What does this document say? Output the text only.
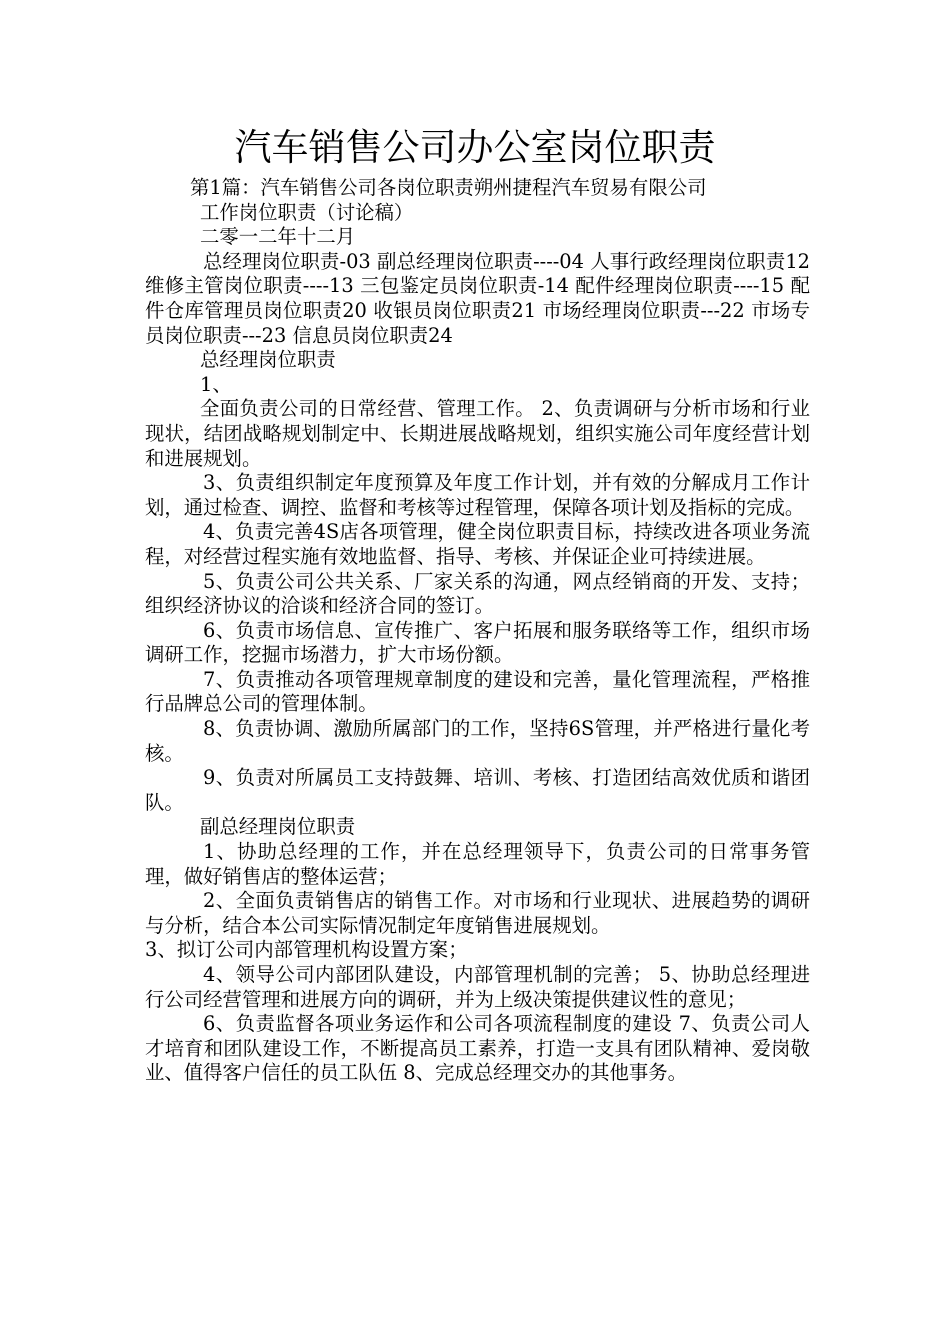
汽车销售公司办公室岗位职责

第1篇：汽车销售公司各岗位职责朔州捷程汽车贸易有限公司

工作岗位职责（讨论稿）

二零一二年十二月

总经理岗位职责-03 副总经理岗位职责----04 人事行政经理岗位职责12 维修主管岗位职责----13 三包鉴定员岗位职责-14 配件经理岗位职责----15 配件仓库管理员岗位职责20 收银员岗位职责21 市场经理岗位职责---22 市场专员岗位职责---23 信息员岗位职责24

总经理岗位职责

1、

全面负责公司的日常经营、管理工作。 2、负责调研与分析市场和行业现状，结团战略规划制定中、长期进展战略规划，组织实施公司年度经营计划和进展规划。

3、负责组织制定年度预算及年度工作计划，并有效的分解成月工作计划，通过检查、调控、监督和考核等过程管理，保障各项计划及指标的完成。

4、负责完善4S店各项管理，健全岗位职责目标，持续改进各项业务流程，对经营过程实施有效地监督、指导、考核、并保证企业可持续进展。

5、负责公司公共关系、厂家关系的沟通，网点经销商的开发、支持；组织经济协议的洽谈和经济合同的签订。

6、负责市场信息、宣传推广、客户拓展和服务联络等工作，组织市场调研工作，挖掘市场潜力，扩大市场份额。

7、负责推动各项管理规章制度的建设和完善，量化管理流程，严格推行品牌总公司的管理体制。

8、负责协调、激励所属部门的工作，坚持6S管理，并严格进行量化考核。

9、负责对所属员工支持鼓舞、培训、考核、打造团结高效优质和谐团队。

副总经理岗位职责

1、协助总经理的工作，并在总经理领导下，负责公司的日常事务管理，做好销售店的整体运营；

2、全面负责销售店的销售工作。对市场和行业现状、进展趋势的调研与分析，结合本公司实际情况制定年度销售进展规划。

3、拟订公司内部管理机构设置方案；

4、领导公司内部团队建设，内部管理机制的完善； 5、协助总经理进行公司经营管理和进展方向的调研，并为上级决策提供建议性的意见；

6、负责监督各项业务运作和公司各项流程制度的建设 7、负责公司人才培育和团队建设工作，不断提高员工素养，打造一支具有团队精神、爱岗敬业、值得客户信任的员工队伍 8、完成总经理交办的其他事务。
